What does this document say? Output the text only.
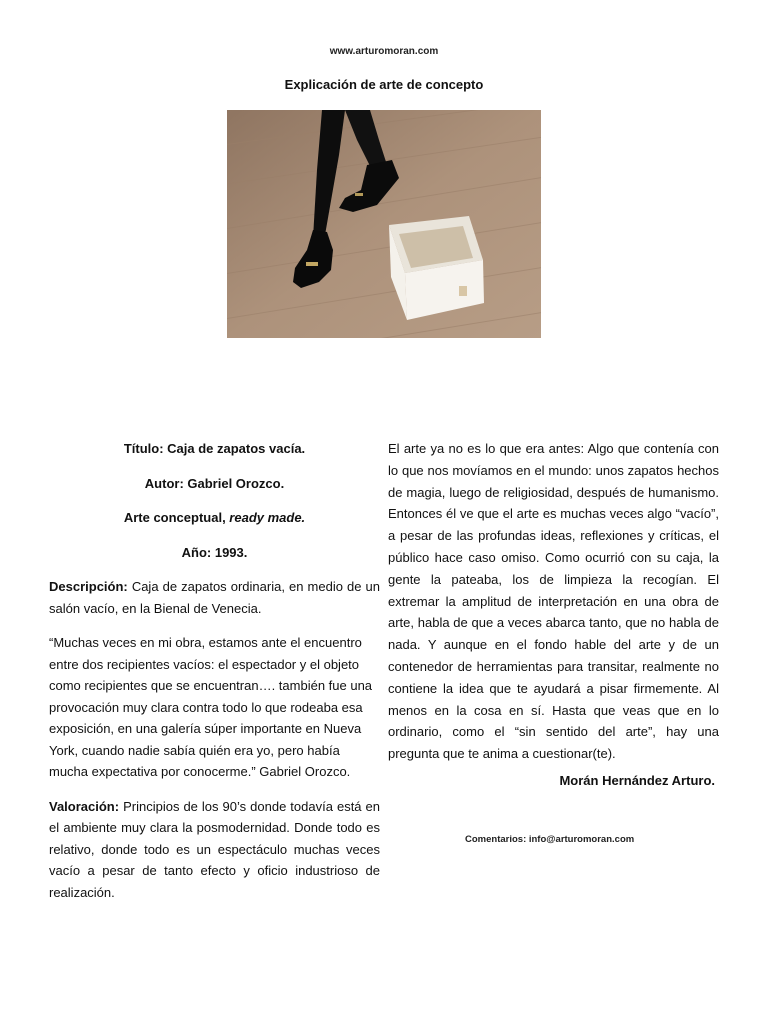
www.arturomoran.com
Explicación de arte de concepto

Título: Caja de zapatos vacía.

Autor: Gabriel Orozco.

Arte conceptual, ready made.

Año: 1993.

Descripción: Caja de zapatos ordinaria, en medio de un salón vacío, en la Bienal de Venecia.

“Muchas veces en mi obra, estamos ante el encuentro entre dos recipientes vacíos: el espectador y el objeto como recipientes que se encuentran…. también fue una provocación muy clara contra todo lo que rodeaba esa exposición, en una galería súper importante en Nueva York, cuando nadie sabía quién era yo, pero había mucha expectativa por conocerme.” Gabriel Orozco.

Valoración: Principios de los 90’s donde todavía está en el ambiente muy clara la posmodernidad. Donde todo es relativo, donde todo es un espectáculo muchas veces vacío a pesar de tanto efecto y oficio industrioso de realización.

El arte ya no es lo que era antes: Algo que contenía con lo que nos movíamos en el mundo: unos zapatos hechos de magia, luego de religiosidad, después de humanismo. Entonces él ve que el arte es muchas veces algo “vacío”, a pesar de las profundas ideas, reflexiones y críticas, el público hace caso omiso. Como ocurrió con su caja, la gente la pateaba, los de limpieza la recogían. El extremar la amplitud de interpretación en una obra de arte, habla de que a veces abarca tanto, que no habla de nada. Y aunque en el fondo hable del arte y de un contenedor de herramientas para transitar, realmente no contiene la idea que te ayudará a pisar firmemente. Al menos en la cosa en sí. Hasta que veas que en lo ordinario, como el “sin sentido del arte”, hay una pregunta que te anima a cuestionar(te).

Morán Hernández Arturo.

Comentarios: info@arturomoran.com
